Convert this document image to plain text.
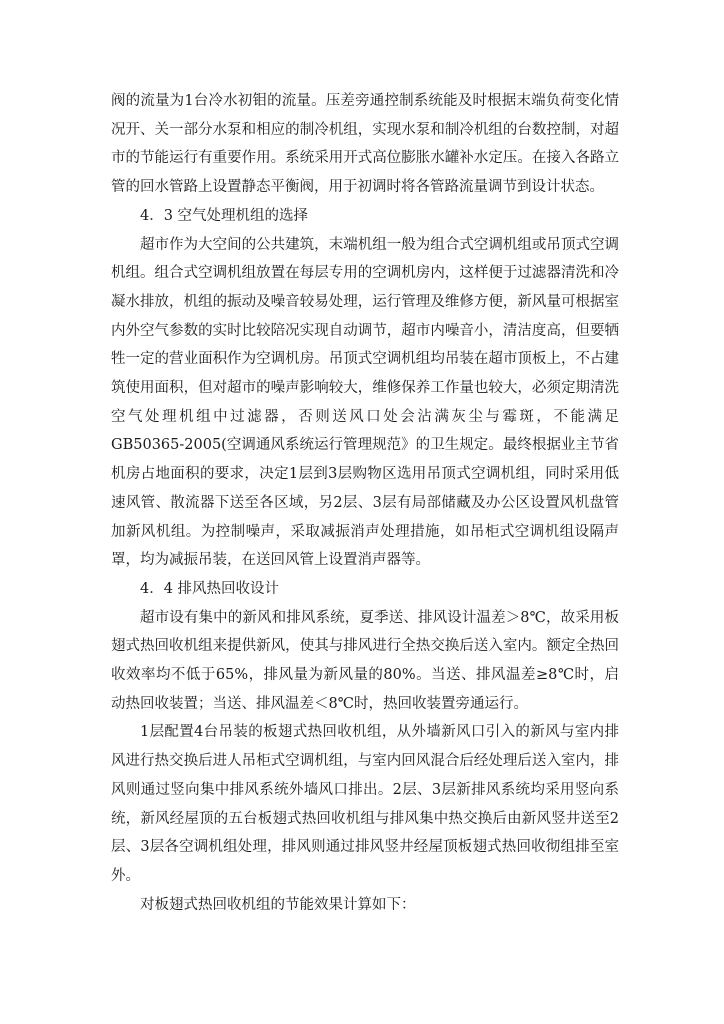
阀的流量为1台冷水初钼的流量。压差旁通控制系统能及时根据末端负荷变化情况开、关一部分水泵和相应的制冷机组，实现水泵和制冷机组的台数控制，对超市的节能运行有重要作用。系统采用开式高位膨胀水罐补水定压。在接入各路立管的回水管路上设置静态平衡阀，用于初调时将各管路流量调节到设计状态。

4．3 空气处理机组的选择

超市作为大空间的公共建筑，末端机组一般为组合式空调机组或吊顶式空调机组。组合式空调机组放置在每层专用的空调机房内，这样便于过滤器清洗和冷凝水排放，机组的振动及噪音较易处理，运行管理及维修方便，新风量可根据室内外空气参数的实时比较陪况实现自动调节，超市内噪音小，清洁度高，但要牺牲一定的营业面积作为空调机房。吊顶式空调机组均吊装在超市顶板上，不占建筑使用面积，但对超市的噪声影响较大，维修保养工作量也较大，必须定期清洗空气处理机组中过滤器，否则送风口处会沾满灰尘与霉斑，不能满足GB50365-2005(空调通风系统运行管理规范》的卫生规定。最终根据业主节省机房占地面积的要求，决定1层到3层购物区选用吊顶式空调机组，同时采用低速风管、散流器下送至各区域，另2层、3层有局部储藏及办公区设置风机盘管加新风机组。为控制噪声，采取减振消声处理措施，如吊柜式空调机组设隔声罩，均为减振吊装，在送回风管上设置消声器等。

4．4 排风热回收设计

超市设有集中的新风和排风系统，夏季送、排风设计温差＞8℃，故采用板翅式热回收机组来提供新风，使其与排风进行全热交换后送入室内。额定全热回收效率均不低于65%，排风量为新风量的80%。当送、排风温差≥8℃时，启动热回收装置；当送、排风温差＜8℃时，热回收装置旁通运行。

1层配置4台吊装的板翅式热回收机组，从外墙新风口引入的新风与室内排风进行热交换后进人吊柜式空调机组，与室内回风混合后经处理后送入室内，排风则通过竖向集中排风系统外墙风口排出。2层、3层新排风系统均采用竖向系统，新风经屋顶的五台板翅式热回收机组与排风集中热交换后由新风竖井送至2层、3层各空调机组处理，排风则通过排风竖井经屋顶板翅式热回收彻组排至室外。

对板翅式热回收机组的节能效果计算如下：
